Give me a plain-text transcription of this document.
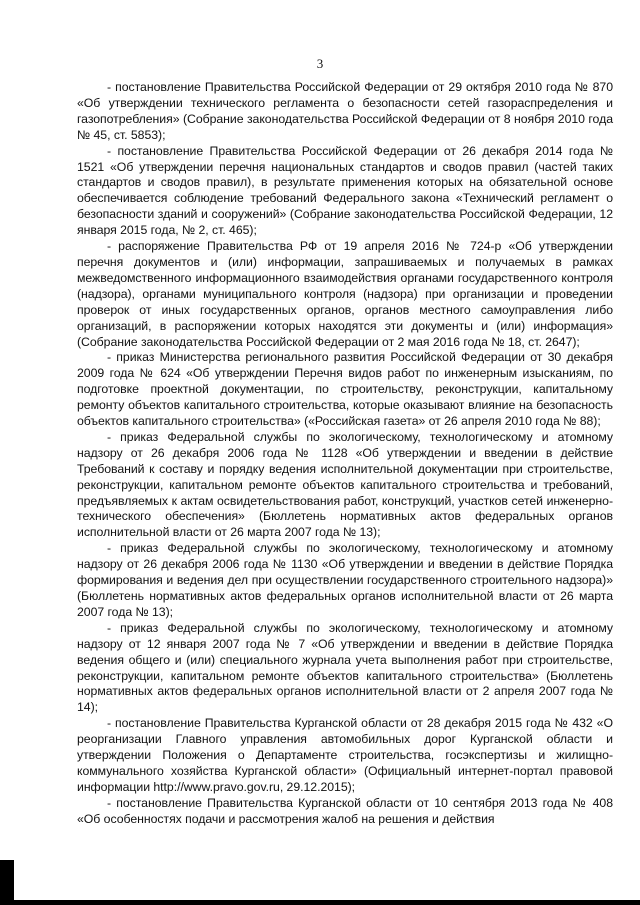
3

- постановление Правительства Российской Федерации от 29 октября 2010 года № 870 «Об утверждении технического регламента о безопасности сетей газораспределения и газопотребления» (Собрание законодательства Российской Федерации от 8 ноября 2010 года № 45, ст. 5853);

- постановление Правительства Российской Федерации от 26 декабря 2014 года № 1521 «Об утверждении перечня национальных стандартов и сводов правил (частей таких стандартов и сводов правил), в результате применения которых на обязательной основе обеспечивается соблюдение требований Федерального закона «Технический регламент о безопасности зданий и сооружений» (Собрание законодательства Российской Федерации, 12 января 2015 года, № 2, ст. 465);

- распоряжение Правительства РФ от 19 апреля 2016 № 724-р «Об утверждении перечня документов и (или) информации, запрашиваемых и получаемых в рамках межведомственного информационного взаимодействия органами государственного контроля (надзора), органами муниципального контроля (надзора) при организации и проведении проверок от иных государственных органов, органов местного самоуправления либо организаций, в распоряжении которых находятся эти документы и (или) информация» (Собрание законодательства Российской Федерации от 2 мая 2016 года № 18, ст. 2647);

- приказ Министерства регионального развития Российской Федерации от 30 декабря 2009 года № 624 «Об утверждении Перечня видов работ по инженерным изысканиям, по подготовке проектной документации, по строительству, реконструкции, капитальному ремонту объектов капитального строительства, которые оказывают влияние на безопасность объектов капитального строительства» («Российская газета» от 26 апреля 2010 года № 88);

- приказ Федеральной службы по экологическому, технологическому и атомному надзору от 26 декабря 2006 года № 1128 «Об утверждении и введении в действие Требований к составу и порядку ведения исполнительной документации при строительстве, реконструкции, капитальном ремонте объектов капитального строительства и требований, предъявляемых к актам освидетельствования работ, конструкций, участков сетей инженерно-технического обеспечения» (Бюллетень нормативных актов федеральных органов исполнительной власти от 26 марта 2007 года № 13);

- приказ Федеральной службы по экологическому, технологическому и атомному надзору от 26 декабря 2006 года № 1130 «Об утверждении и введении в действие Порядка формирования и ведения дел при осуществлении государственного строительного надзора)» (Бюллетень нормативных актов федеральных органов исполнительной власти от 26 марта 2007 года № 13);

- приказ Федеральной службы по экологическому, технологическому и атомному надзору от 12 января 2007 года № 7 «Об утверждении и введении в действие Порядка ведения общего и (или) специального журнала учета выполнения работ при строительстве, реконструкции, капитальном ремонте объектов капитального строительства» (Бюллетень нормативных актов федеральных органов исполнительной власти от 2 апреля 2007 года № 14);

- постановление Правительства Курганской области от 28 декабря 2015 года № 432 «О реорганизации Главного управления автомобильных дорог Курганской области и утверждении Положения о Департаменте строительства, госэкспертизы и жилищно-коммунального хозяйства Курганской области» (Официальный интернет-портал правовой информации http://www.pravo.gov.ru, 29.12.2015);

- постановление Правительства Курганской области от 10 сентября 2013 года № 408 «Об особенностях подачи и рассмотрения жалоб на решения и действия
